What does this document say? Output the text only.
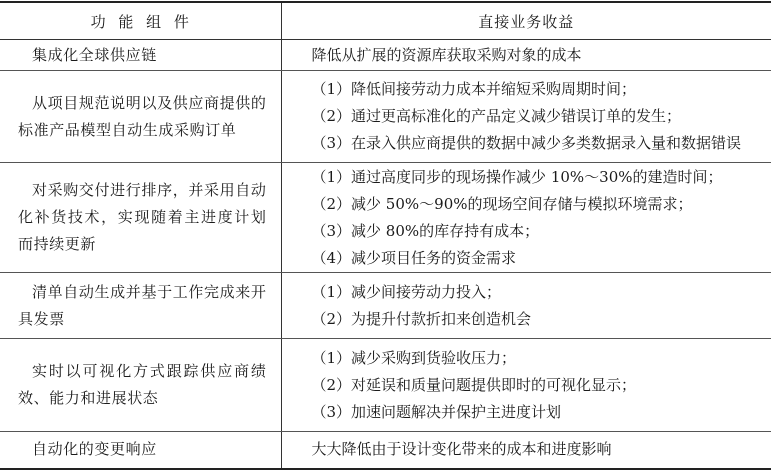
功 能 组 件	直接业务收益

集成化全球供应链	降低从扩展的资源库获取采购对象的成本

从项目规范说明以及供应商提供的标准产品模型自动生成采购订单	（1）降低间接劳动力成本并缩短采购周期时间；
（2）通过更高标准化的产品定义减少错误订单的发生；
（3）在录入供应商提供的数据中减少多类数据录入量和数据错误

对采购交付进行排序，并采用自动化补货技术，实现随着主进度计划而持续更新	（1）通过高度同步的现场操作减少 10%～30%的建造时间；
（2）减少 50%～90%的现场空间存储与模拟环境需求；
（3）减少 80%的库存持有成本；
（4）减少项目任务的资金需求

清单自动生成并基于工作完成来开具发票	（1）减少间接劳动力投入；
（2）为提升付款折扣来创造机会

实时以可视化方式跟踪供应商绩效、能力和进展状态	（1）减少采购到货验收压力；
（2）对延误和质量问题提供即时的可视化显示；
（3）加速问题解决并保护主进度计划

自动化的变更响应	大大降低由于设计变化带来的成本和进度影响
